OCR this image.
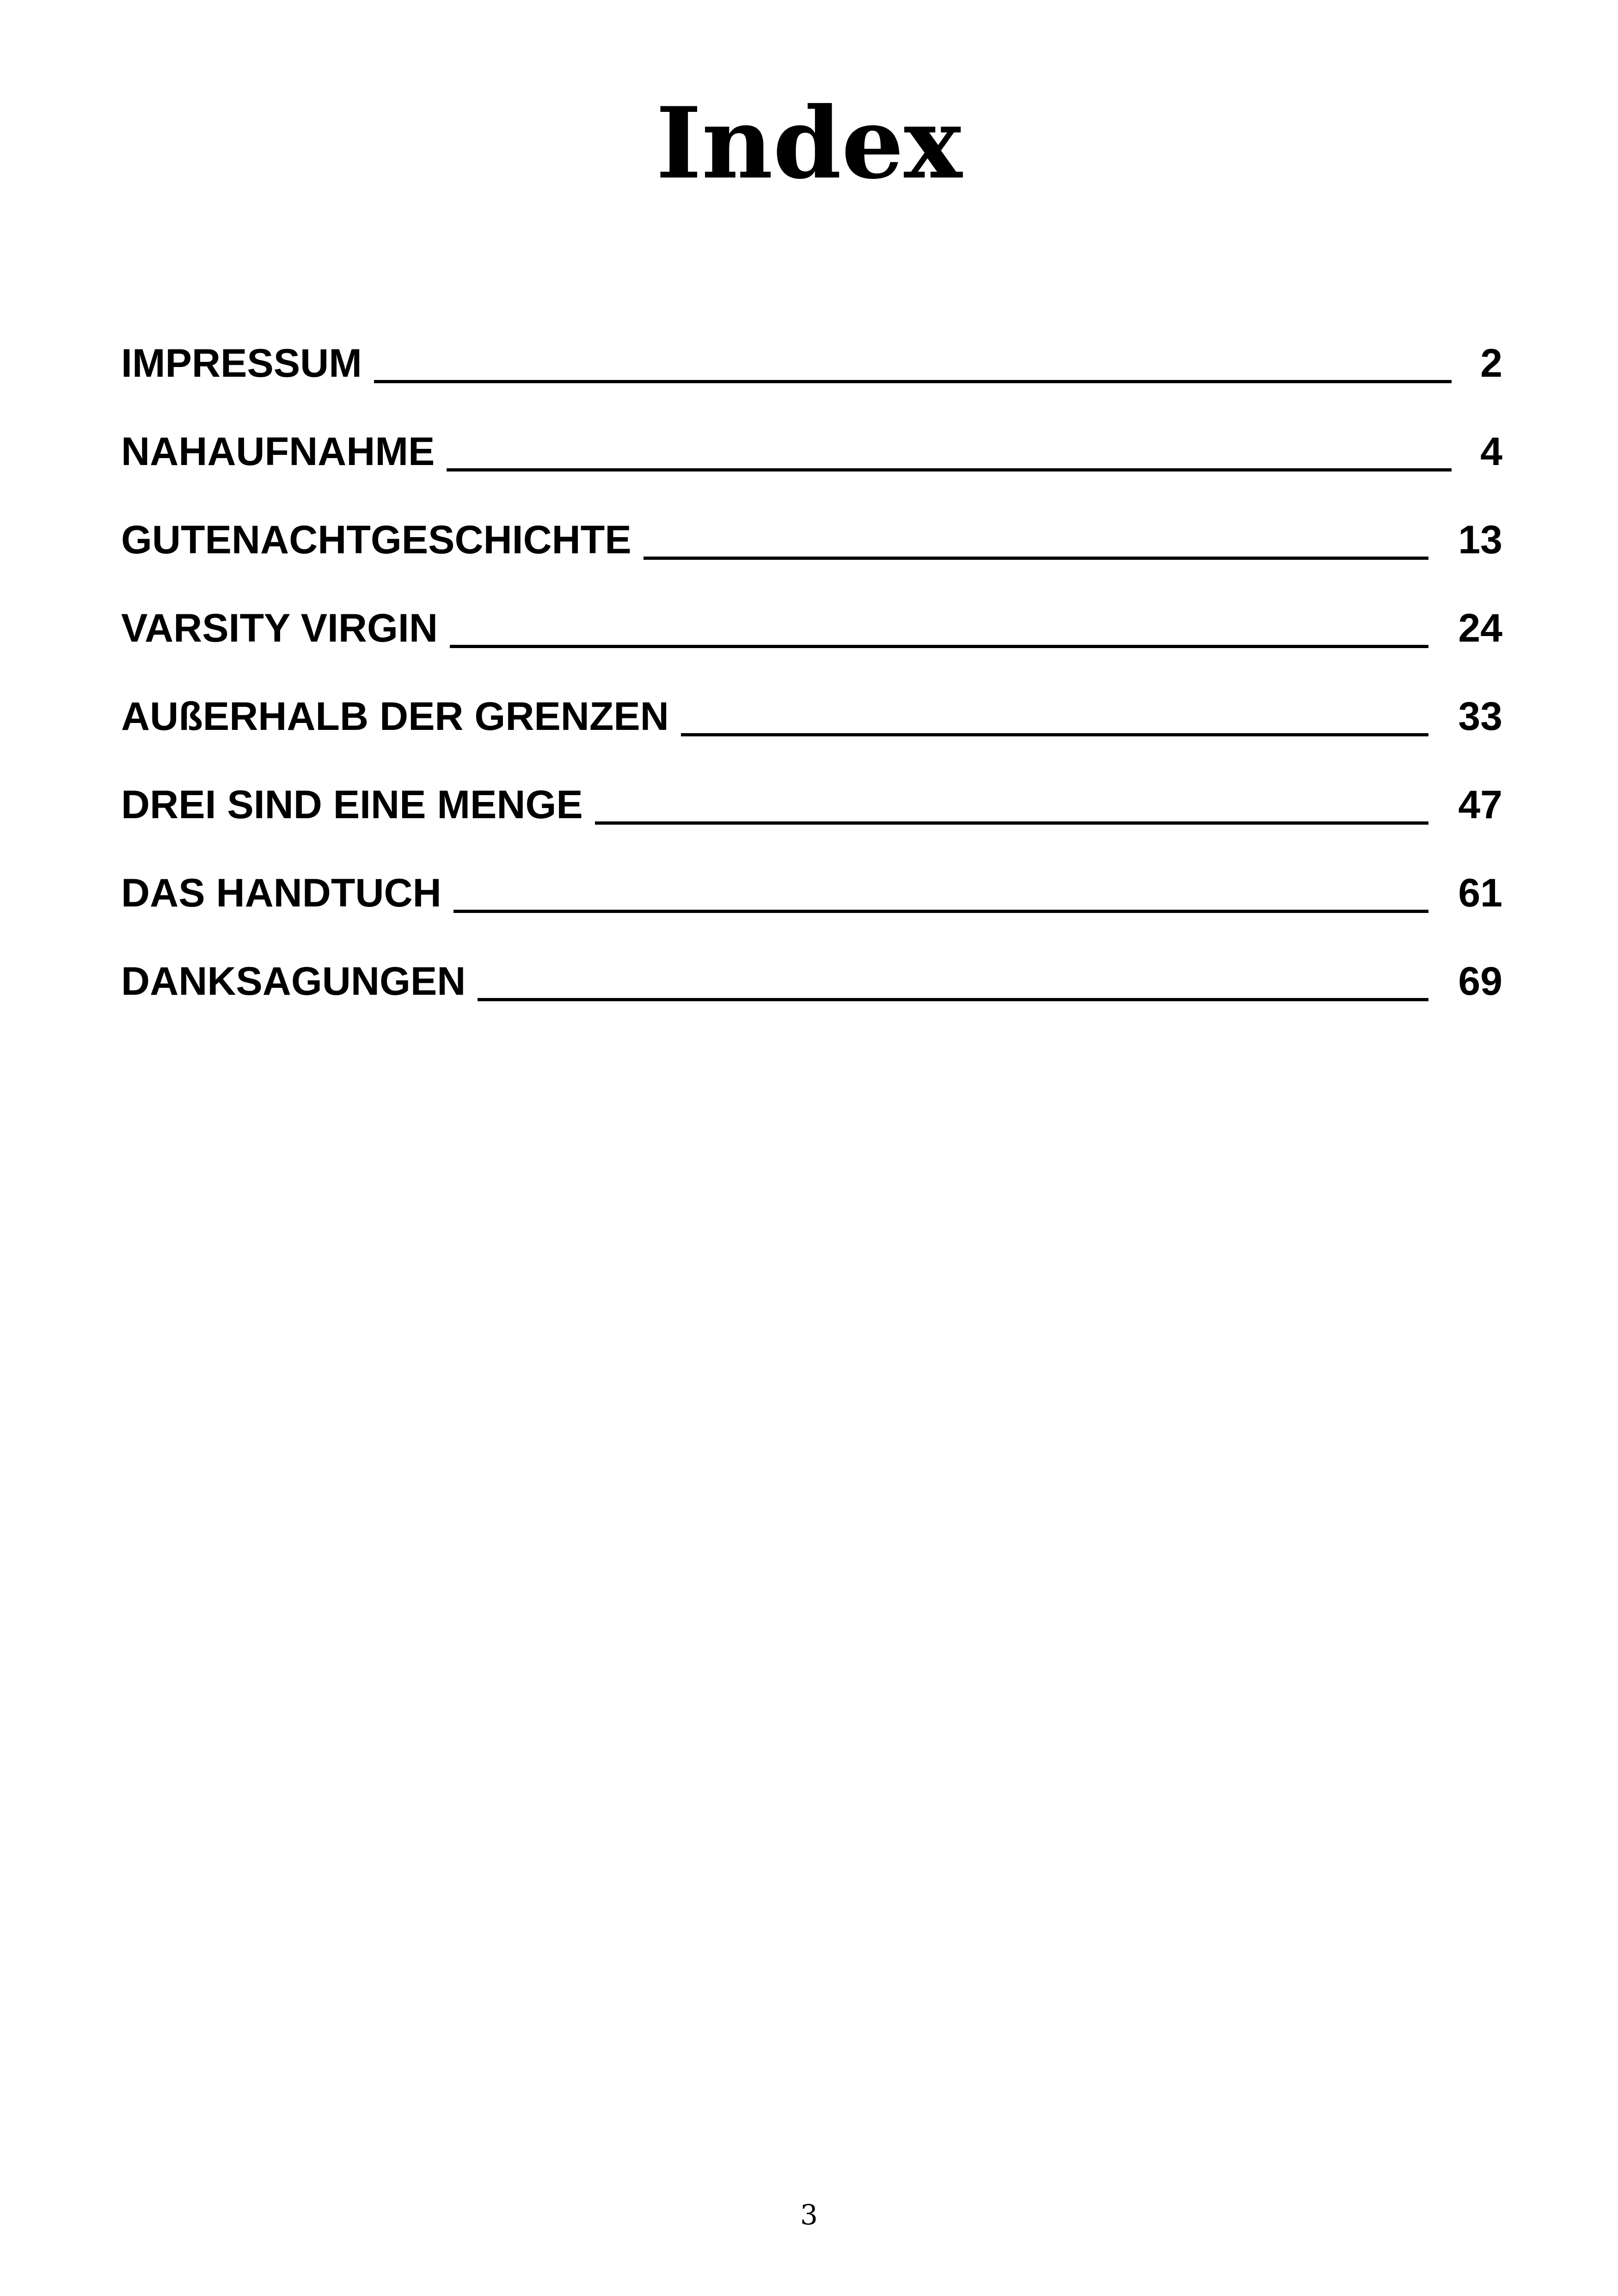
Index
IMPRESSUM	2
NAHAUFNAHME	4
GUTENACHTGESCHICHTE	13
VARSITY VIRGIN	24
AUßERHALB DER GRENZEN	33
DREI SIND EINE MENGE	47
DAS HANDTUCH	61
DANKSAGUNGEN	69
3
